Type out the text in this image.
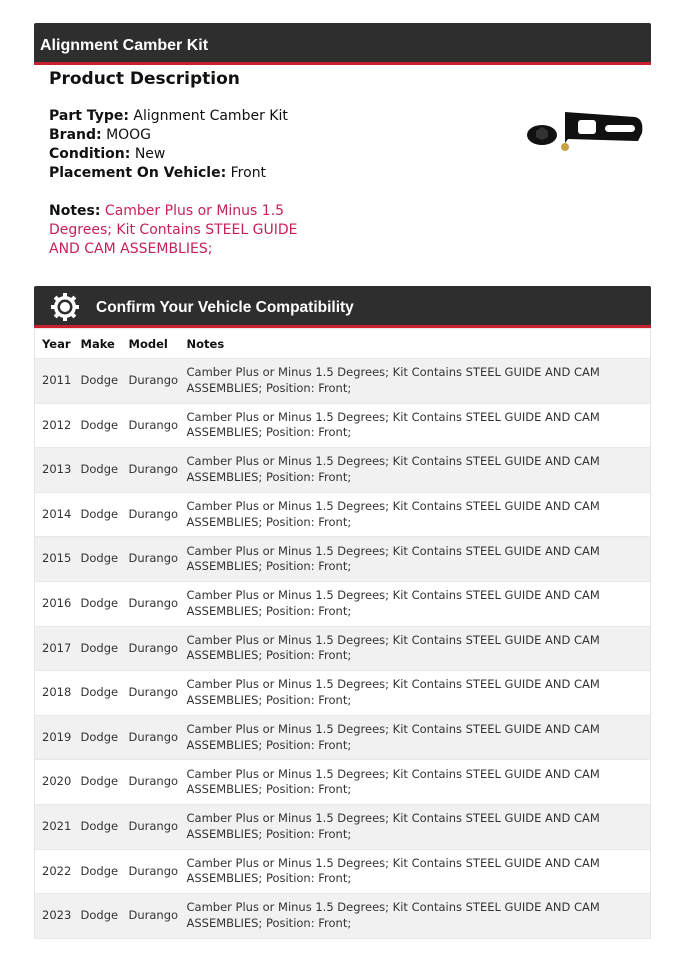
Alignment Camber Kit
Product Description
Part Type: Alignment Camber Kit
Brand: MOOG
Condition: New
Placement On Vehicle: Front
Notes: Camber Plus or Minus 1.5 Degrees; Kit Contains STEEL GUIDE AND CAM ASSEMBLIES;
Confirm Your Vehicle Compatibility
Year	Make	Model	Notes
2011	Dodge	Durango	Camber Plus or Minus 1.5 Degrees; Kit Contains STEEL GUIDE AND CAM ASSEMBLIES; Position: Front;
2012	Dodge	Durango	Camber Plus or Minus 1.5 Degrees; Kit Contains STEEL GUIDE AND CAM ASSEMBLIES; Position: Front;
2013	Dodge	Durango	Camber Plus or Minus 1.5 Degrees; Kit Contains STEEL GUIDE AND CAM ASSEMBLIES; Position: Front;
2014	Dodge	Durango	Camber Plus or Minus 1.5 Degrees; Kit Contains STEEL GUIDE AND CAM ASSEMBLIES; Position: Front;
2015	Dodge	Durango	Camber Plus or Minus 1.5 Degrees; Kit Contains STEEL GUIDE AND CAM ASSEMBLIES; Position: Front;
2016	Dodge	Durango	Camber Plus or Minus 1.5 Degrees; Kit Contains STEEL GUIDE AND CAM ASSEMBLIES; Position: Front;
2017	Dodge	Durango	Camber Plus or Minus 1.5 Degrees; Kit Contains STEEL GUIDE AND CAM ASSEMBLIES; Position: Front;
2018	Dodge	Durango	Camber Plus or Minus 1.5 Degrees; Kit Contains STEEL GUIDE AND CAM ASSEMBLIES; Position: Front;
2019	Dodge	Durango	Camber Plus or Minus 1.5 Degrees; Kit Contains STEEL GUIDE AND CAM ASSEMBLIES; Position: Front;
2020	Dodge	Durango	Camber Plus or Minus 1.5 Degrees; Kit Contains STEEL GUIDE AND CAM ASSEMBLIES; Position: Front;
2021	Dodge	Durango	Camber Plus or Minus 1.5 Degrees; Kit Contains STEEL GUIDE AND CAM ASSEMBLIES; Position: Front;
2022	Dodge	Durango	Camber Plus or Minus 1.5 Degrees; Kit Contains STEEL GUIDE AND CAM ASSEMBLIES; Position: Front;
2023	Dodge	Durango	Camber Plus or Minus 1.5 Degrees; Kit Contains STEEL GUIDE AND CAM ASSEMBLIES; Position: Front;
